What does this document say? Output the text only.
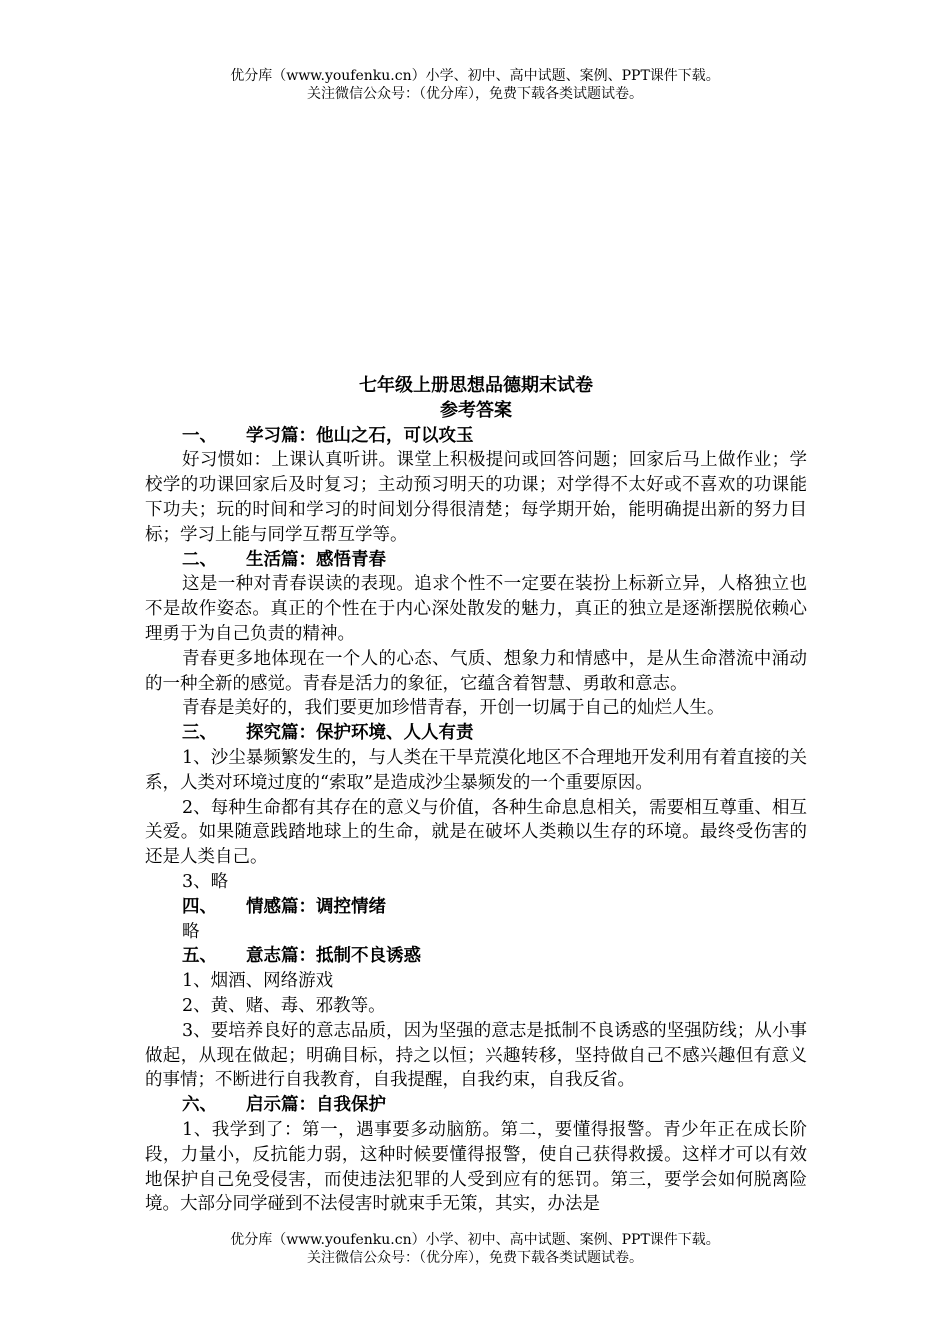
优分库（www.youfenku.cn）小学、初中、高中试题、案例、PPT课件下载。
关注微信公众号：（优分库），免费下载各类试题试卷。
七年级上册思想品德期末试卷
参考答案
一、 学习篇：他山之石，可以攻玉

好习惯如：上课认真听讲。课堂上积极提问或回答问题；回家后马上做作业；学校学的功课回家后及时复习；主动预习明天的功课；对学得不太好或不喜欢的功课能下功夫；玩的时间和学习的时间划分得很清楚；每学期开始，能明确提出新的努力目标；学习上能与同学互帮互学等。

二、 生活篇：感悟青春

这是一种对青春误读的表现。追求个性不一定要在装扮上标新立异，人格独立也不是故作姿态。真正的个性在于内心深处散发的魅力，真正的独立是逐渐摆脱依赖心理勇于为自己负责的精神。

青春更多地体现在一个人的心态、气质、想象力和情感中，是从生命潜流中涌动的一种全新的感觉。青春是活力的象征，它蕴含着智慧、勇敢和意志。

青春是美好的，我们要更加珍惜青春，开创一切属于自己的灿烂人生。

三、 探究篇：保护环境、人人有责

1、沙尘暴频繁发生的，与人类在干旱荒漠化地区不合理地开发利用有着直接的关系，人类对环境过度的“索取”是造成沙尘暴频发的一个重要原因。

2、每种生命都有其存在的意义与价值，各种生命息息相关，需要相互尊重、相互关爱。如果随意践踏地球上的生命，就是在破坏人类赖以生存的环境。最终受伤害的还是人类自己。

3、略

四、 情感篇：调控情绪

略

五、 意志篇：抵制不良诱惑

1、烟酒、网络游戏

2、黄、赌、毒、邪教等。

3、要培养良好的意志品质，因为坚强的意志是抵制不良诱惑的坚强防线；从小事做起，从现在做起；明确目标，持之以恒；兴趣转移，坚持做自己不感兴趣但有意义的事情；不断进行自我教育，自我提醒，自我约束，自我反省。

六、 启示篇：自我保护

1、我学到了：第一，遇事要多动脑筋。第二，要懂得报警。青少年正在成长阶段，力量小，反抗能力弱，这种时候要懂得报警，使自己获得救援。这样才可以有效地保护自己免受侵害，而使违法犯罪的人受到应有的惩罚。第三，要学会如何脱离险境。大部分同学碰到不法侵害时就束手无策，其实，办法是

优分库（www.youfenku.cn）小学、初中、高中试题、案例、PPT课件下载。
关注微信公众号：（优分库），免费下载各类试题试卷。
